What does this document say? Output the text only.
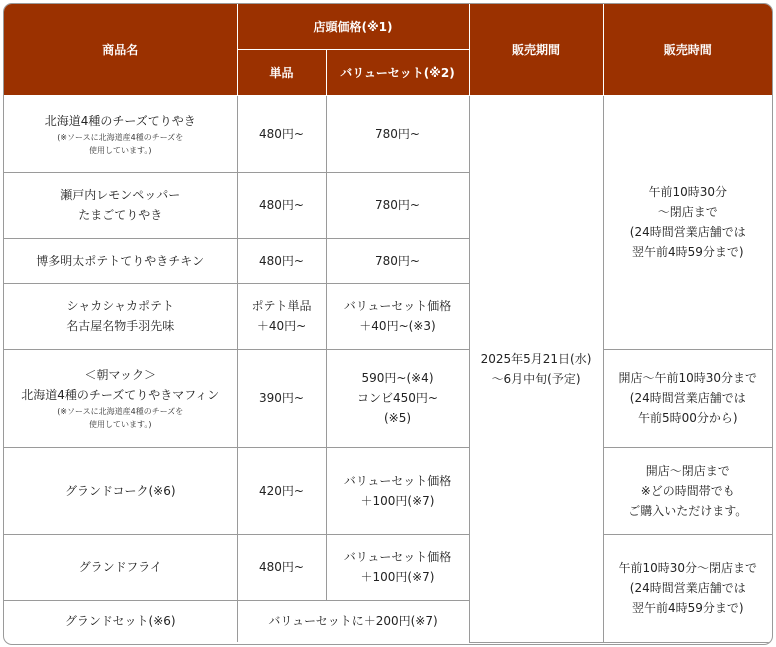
商品名	店頭価格(※1)		販売期間	販売時間
	単品	バリューセット(※2)		

北海道4種のチーズてりやき
(※ソースに北海道産4種のチーズを
使用しています。)	480円~	780円~	2025年5月21日(水)
～6月中旬(予定)	午前10時30分
～閉店まで
(24時間営業店舗では
翌午前4時59分まで)

瀬戸内レモンペッパー
たまごてりやき	480円~	780円~		
博多明太ポテトてりやきチキン	480円~	780円~		

シャカシャカポテト
名古屋名物手羽先味	ポテト単品
＋40円~	バリューセット価格
＋40円~(※3)		

＜朝マック＞
北海道4種のチーズてりやきマフィン
(※ソースに北海道産4種のチーズを
使用しています。)	390円~	590円~(※4)
コンビ450円~
(※5)		開店～午前10時30分まで
(24時間営業店舗では
午前5時00分から)

グランドコーク(※6)	420円~	バリューセット価格
＋100円(※7)		開店～閉店まで
※どの時間帯でも
ご購入いただけます。

グランドフライ	480円~	バリューセット価格
＋100円(※7)		午前10時30分～閉店まで
(24時間営業店舗では
翌午前4時59分まで)

グランドセット(※6)	バリューセットに＋200円(※7)			
